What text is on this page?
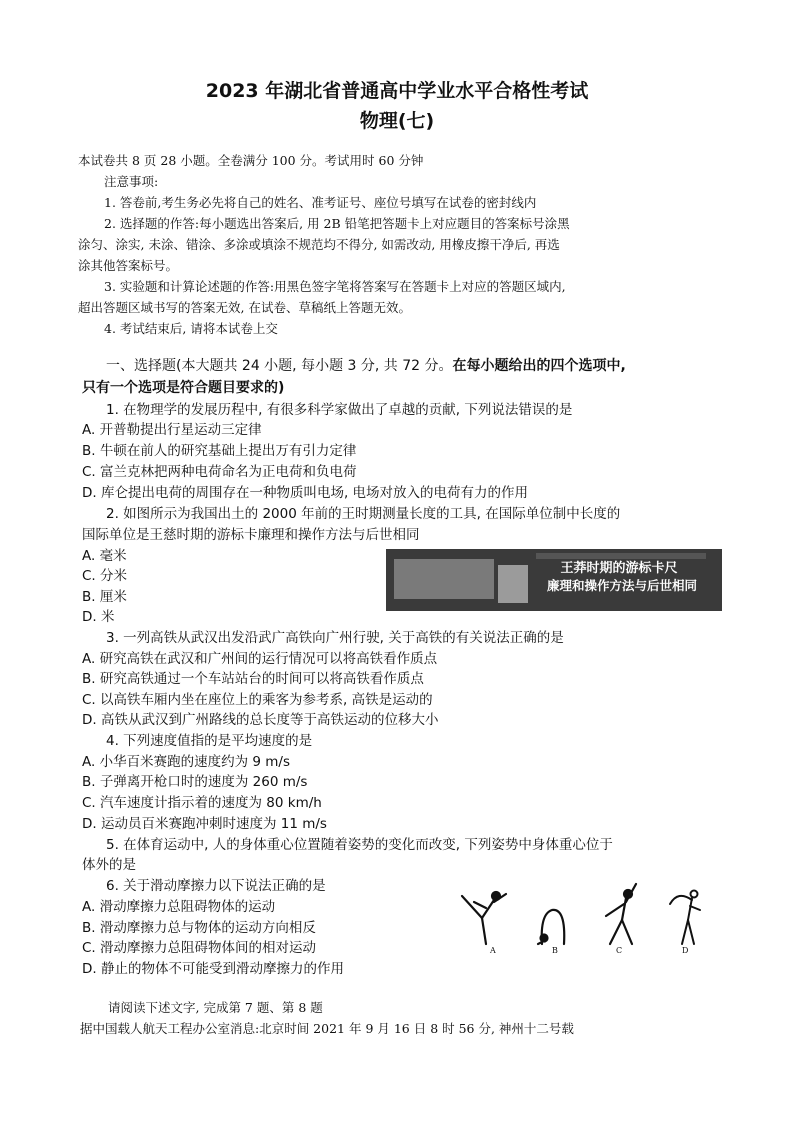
2023 年湖北省普通高中学业水平合格性考试
物理(七)
本试卷共 8 页 28 小题。全卷满分 100 分。考试用时 60 分钟
注意事项:
1. 答卷前,考生务必先将自己的姓名、准考证号、座位号填写在试卷的密封线内
2. 选择题的作答:每小题选出答案后, 用 2B 铅笔把答题卡上对应题目的答案标号涂黑
涂匀、涂实, 未涂、错涂、多涂或填涂不规范均不得分, 如需改动, 用橡皮擦干净后, 再选
涂其他答案标号。
3. 实验题和计算论述题的作答:用黑色签字笔将答案写在答题卡上对应的答题区域内,
超出答题区域书写的答案无效, 在试卷、草稿纸上答题无效。
4. 考试结束后, 请将本试卷上交
一、选择题(本大题共 24 小题, 每小题 3 分, 共 72 分。在每小题给出的四个选项中,
只有一个选项是符合题目要求的)
1. 在物理学的发展历程中, 有很多科学家做出了卓越的贡献, 下列说法错误的是
A. 开普勒提出行星运动三定律
B. 牛顿在前人的研究基础上提出万有引力定律
C. 富兰克林把两种电荷命名为正电荷和负电荷
D. 库仑提出电荷的周围存在一种物质叫电场, 电场对放入的电荷有力的作用
2. 如图所示为我国出土的 2000 年前的王时期测量长度的工具, 在国际单位制中长度的
国际单位是王慈时期的游标卡廉理和操作方法与后世相同
A. 毫米
C. 分米
B. 厘米
D. 米
王莽时期的游标卡尺
廉理和操作方法与后世相同
3. 一列高铁从武汉出发沿武广高铁向广州行驶, 关于高铁的有关说法正确的是
A. 研究高铁在武汉和广州间的运行情况可以将高铁看作质点
B. 研究高铁通过一个车站站台的时间可以将高铁看作质点
C. 以高铁车厢内坐在座位上的乘客为参考系, 高铁是运动的
D. 高铁从武汉到广州路线的总长度等于高铁运动的位移大小
4. 下列速度值指的是平均速度的是
A. 小华百米赛跑的速度约为 9 m/s
B. 子弹离开枪口时的速度为 260 m/s
C. 汽车速度计指示着的速度为 80 km/h
D. 运动员百米赛跑冲刺时速度为 11 m/s
5. 在体育运动中, 人的身体重心位置随着姿势的变化而改变, 下列姿势中身体重心位于
体外的是
6. 关于滑动摩擦力以下说法正确的是
A. 滑动摩擦力总阻碍物体的运动
B. 滑动摩擦力总与物体的运动方向相反
C. 滑动摩擦力总阻碍物体间的相对运动
D. 静止的物体不可能受到滑动摩擦力的作用
A	B	C	D
请阅读下述文字, 完成第 7 题、第 8 题
据中国载人航天工程办公室消息:北京时间 2021 年 9 月 16 日 8 时 56 分, 神州十二号载
